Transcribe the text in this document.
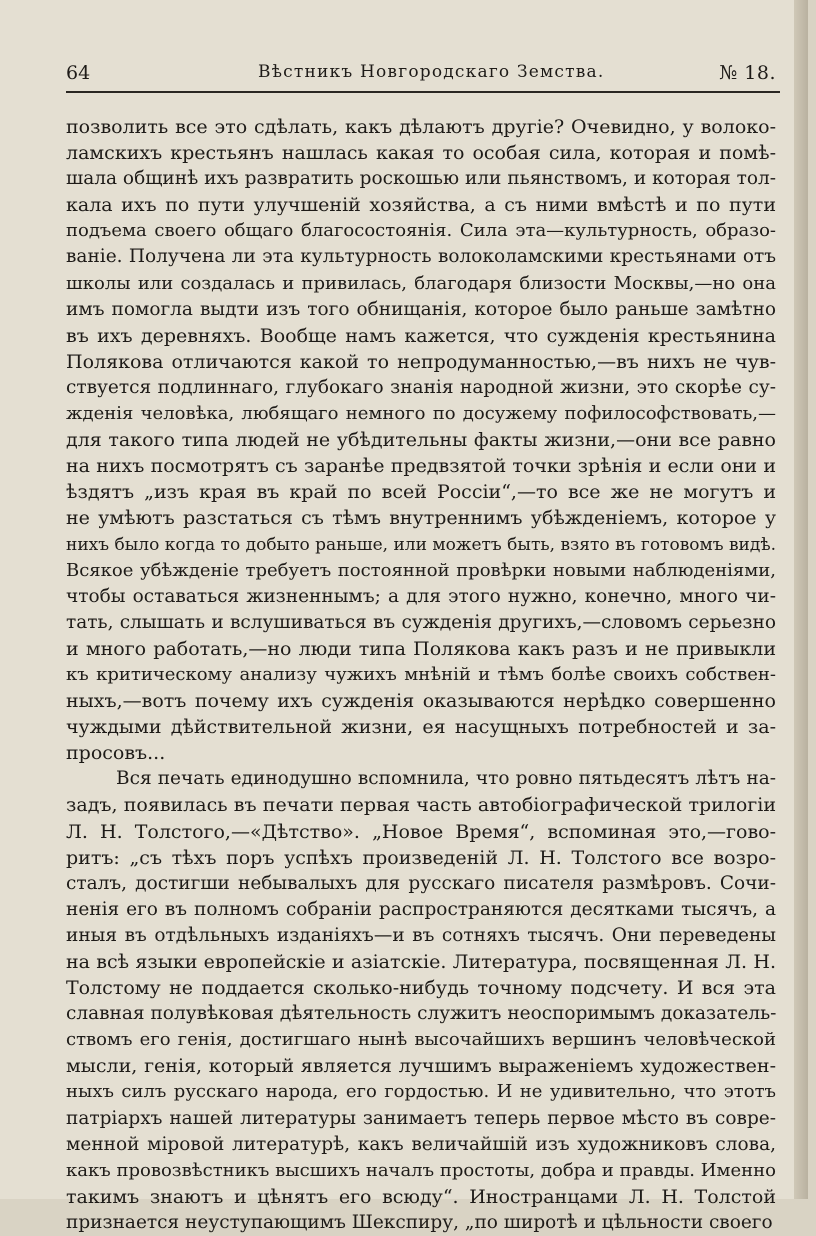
64	Вѣстникъ Новгородскаго Земства.	№ 18.
позволить все это сдѣлать, какъ дѣлаютъ другіе? Очевидно, у волоко-
ламскихъ крестьянъ нашлась какая то особая сила, которая и помѣ-
шала общинѣ ихъ развратить роскошью или пьянствомъ, и которая тол-
кала ихъ по пути улучшеній хозяйства, а съ ними вмѣстѣ и по пути
подъема своего общаго благосостоянія. Сила эта—культурность, образо-
ваніе. Получена ли эта культурность волоколамскими крестьянами отъ
школы или создалась и привилась, благодаря близости Москвы,—но она
имъ помогла выдти изъ того обнищанія, которое было раньше замѣтно
въ ихъ деревняхъ. Вообще намъ кажется, что сужденія крестьянина
Полякова отличаются какой то непродуманностью,—въ нихъ не чув-
ствуется подлиннаго, глубокаго знанія народной жизни, это скорѣе су-
жденія человѣка, любящаго немного по досужему пофилософствовать,—
для такого типа людей не убѣдительны факты жизни,—они все равно
на нихъ посмотрятъ съ заранѣе предвзятой точки зрѣнія и если они и
ѣздятъ „изъ края въ край по всей Россіи“,—то все же не могутъ и
не умѣютъ разстаться съ тѣмъ внутреннимъ убѣжденіемъ, которое у
нихъ было когда то добыто раньше, или можетъ быть, взято въ готовомъ видѣ.
Всякое убѣжденіе требуетъ постоянной провѣрки новыми наблюденіями,
чтобы оставаться жизненнымъ; а для этого нужно, конечно, много чи-
тать, слышать и вслушиваться въ сужденія другихъ,—словомъ серьезно
и много работать,—но люди типа Полякова какъ разъ и не привыкли
къ критическому анализу чужихъ мнѣній и тѣмъ болѣе своихъ собствен-
ныхъ,—вотъ почему ихъ сужденія оказываются нерѣдко совершенно
чуждыми дѣйствительной жизни, ея насущныхъ потребностей и за-
просовъ...
Вся печать единодушно вспомнила, что ровно пятьдесятъ лѣтъ на-
задъ, появилась въ печати первая часть автобіографической трилогіи
Л. Н. Толстого,—«Дѣтство». „Новое Время“, вспоминая это,—гово-
ритъ: „съ тѣхъ поръ успѣхъ произведеній Л. Н. Толстого все возро-
сталъ, достигши небывалыхъ для русскаго писателя размѣровъ. Сочи-
ненія его въ полномъ собраніи распространяются десятками тысячъ, а
иныя въ отдѣльныхъ изданіяхъ—и въ сотняхъ тысячъ. Они переведены
на всѣ языки европейскіе и азіатскіе. Литература, посвященная Л. Н.
Толстому не поддается сколько-нибудь точному подсчету. И вся эта
славная полувѣковая дѣятельность служитъ неоспоримымъ доказатель-
ствомъ его генія, достигшаго нынѣ высочайшихъ вершинъ человѣческой
мысли, генія, который является лучшимъ выраженіемъ художествен-
ныхъ силъ русскаго народа, его гордостью. И не удивительно, что этотъ
патріархъ нашей литературы занимаетъ теперь первое мѣсто въ совре-
менной міровой литературѣ, какъ величайшій изъ художниковъ слова,
какъ провозвѣстникъ высшихъ началъ простоты, добра и правды. Именно
такимъ знаютъ и цѣнятъ его всюду“. Иностранцами Л. Н. Толстой
признается неуступающимъ Шекспиру, „по широтѣ и цѣльности своего
